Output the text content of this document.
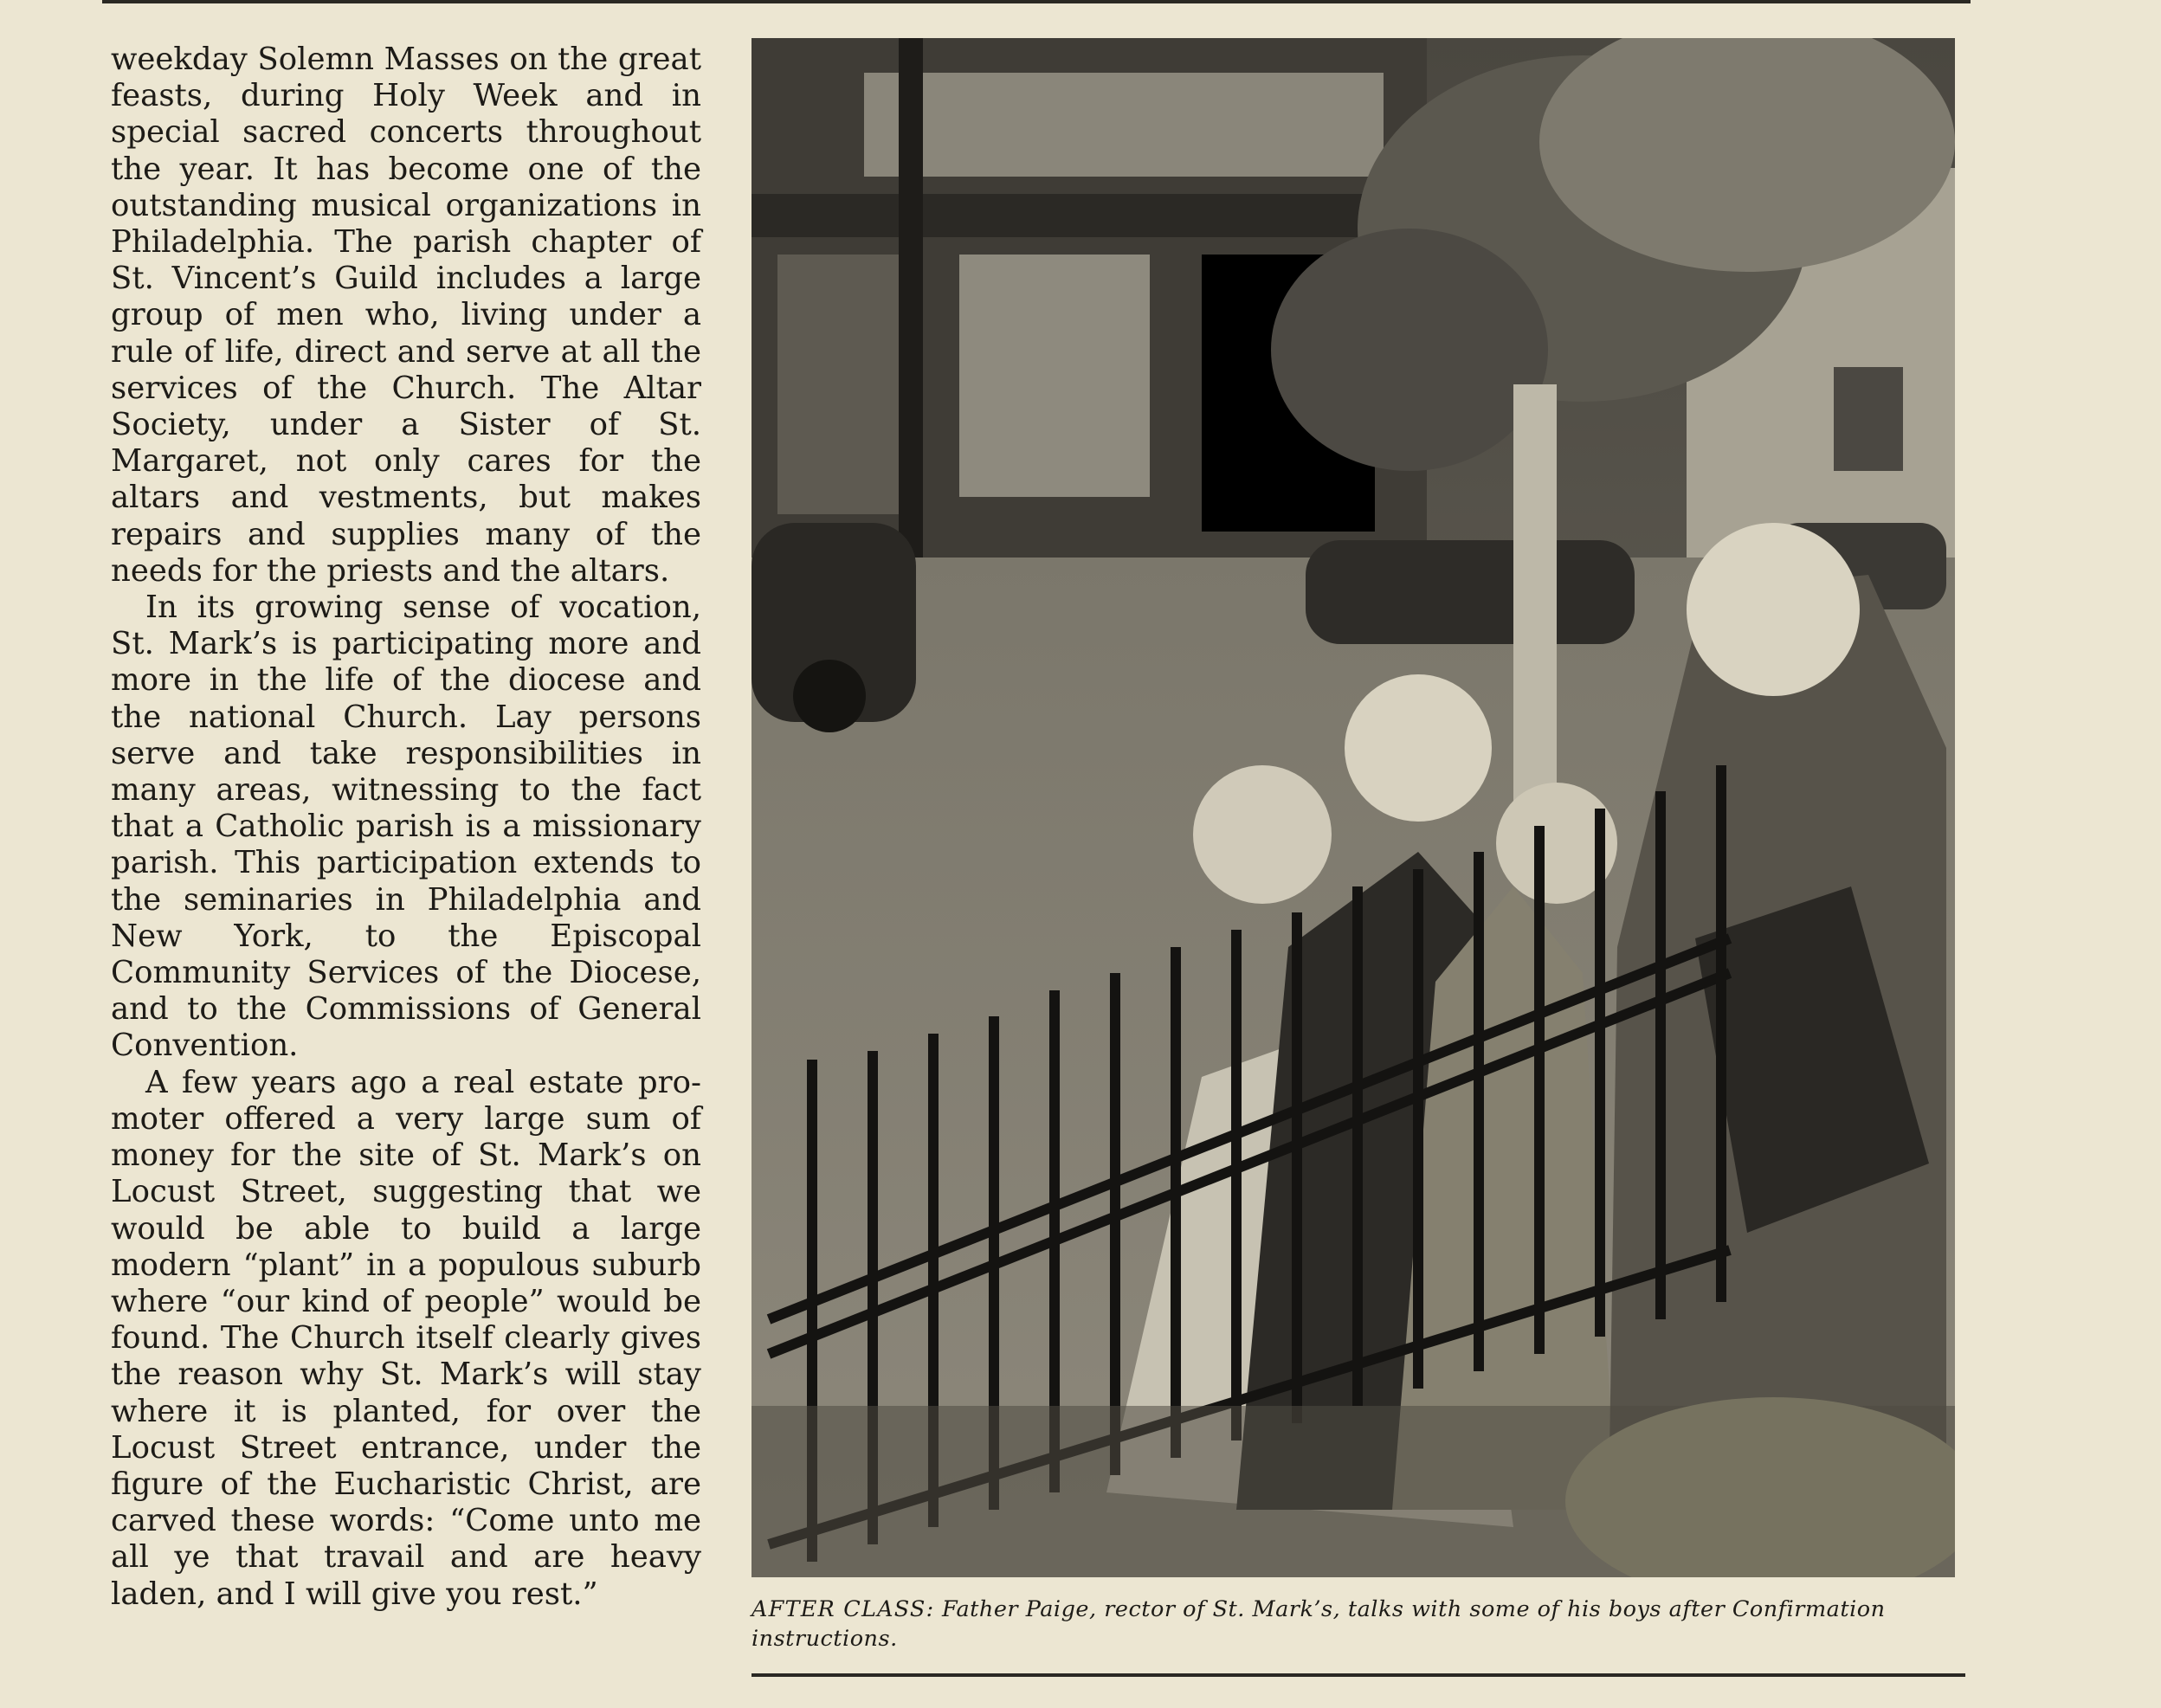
weekday Solemn Masses on the great feasts, during Holy Week and in special sacred concerts throughout the year. It has become one of the outstanding musical organizations in Philadelphia. The parish chapter of St. Vincent’s Guild includes a large group of men who, living under a rule of life, direct and serve at all the services of the Church. The Altar Society, under a Sister of St. Margaret, not only cares for the altars and vestments, but makes repairs and supplies many of the needs for the priests and the altars.

In its growing sense of vocation, St. Mark’s is participating more and more in the life of the diocese and the national Church. Lay persons serve and take responsibilities in many areas, witnessing to the fact that a Catholic parish is a missionary parish. This participation extends to the seminaries in Philadelphia and New York, to the Episcopal Community Services of the Diocese, and to the Commissions of General Convention.

A few years ago a real estate promoter offered a very large sum of money for the site of St. Mark’s on Locust Street, suggesting that we would be able to build a large modern “plant” in a populous suburb where “our kind of people” would be found. The Church itself clearly gives the reason why St. Mark’s will stay where it is planted, for over the Locust Street entrance, under the figure of the Eucharistic Christ, are carved these words: “Come unto me all ye that travail and are heavy laden, and I will give you rest.”	AFTER CLASS: Father Paige, rector of St. Mark’s, talks with some of his boys after Confirmation instructions.
